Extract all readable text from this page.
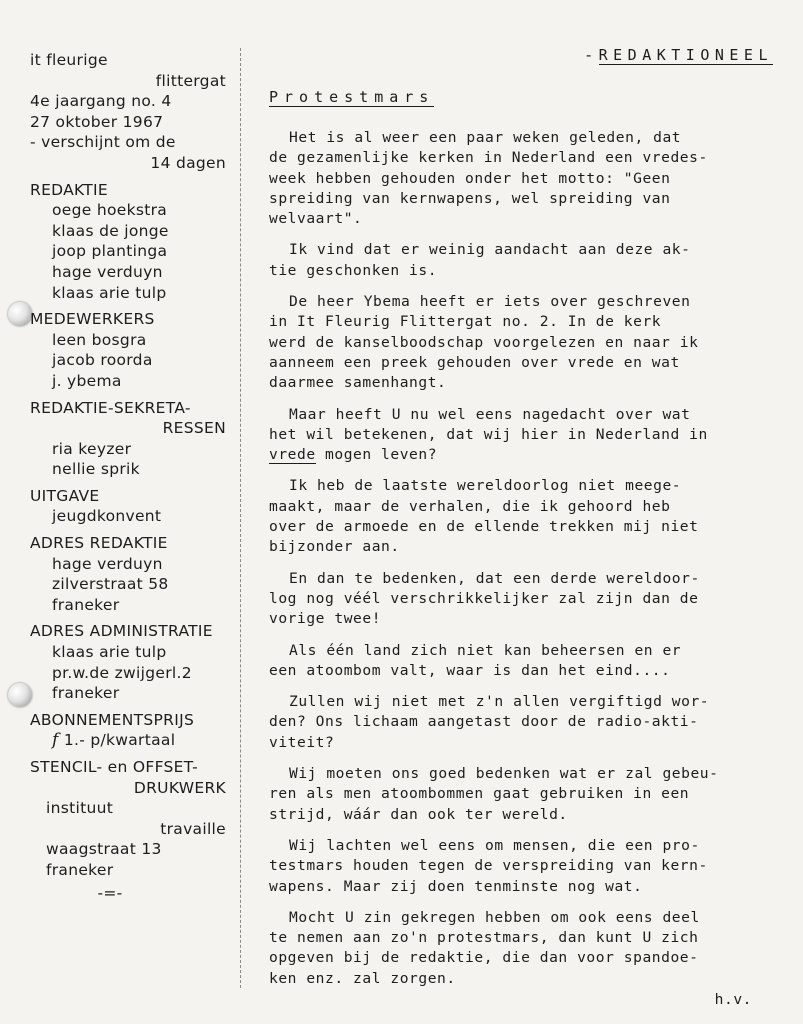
it fleurige
flittergat
4e jaargang no. 4
27 oktober 1967
- verschijnt om de
14 dagen
REDAKTIE
oege hoekstra
klaas de jonge
joop plantinga
hage verduyn
klaas arie tulp
MEDEWERKERS
leen bosgra
jacob roorda
j. ybema
REDAKTIE-SEKRETA-
RESSEN
ria keyzer
nellie sprik
UITGAVE
jeugdkonvent
ADRES REDAKTIE
hage verduyn
zilverstraat 58
franeker
ADRES ADMINISTRATIE
klaas arie tulp
pr.w.de zwijgerl.2
franeker
ABONNEMENTSPRIJS
f 1.- p/kwartaal
STENCIL- en OFFSET-
DRUKWERK
instituut
travaille
waagstraat 13
franeker
-=-
-REDAKTIONEEL
Protestmars
Het is al weer een paar weken geleden, dat
de gezamenlijke kerken in Nederland een vredes-
week hebben gehouden onder het motto: "Geen
spreiding van kernwapens, wel spreiding van
welvaart".
Ik vind dat er weinig aandacht aan deze ak-
tie geschonken is.
De heer Ybema heeft er iets over geschreven
in It Fleurig Flittergat no. 2. In de kerk
werd de kanselboodschap voorgelezen en naar ik
aanneem een preek gehouden over vrede en wat
daarmee samenhangt.
Maar heeft U nu wel eens nagedacht over wat
het wil betekenen, dat wij hier in Nederland in
vrede mogen leven?
Ik heb de laatste wereldoorlog niet meege-
maakt, maar de verhalen, die ik gehoord heb
over de armoede en de ellende trekken mij niet
bijzonder aan.
En dan te bedenken, dat een derde wereldoor-
log nog véél verschrikkelijker zal zijn dan de
vorige twee!
Als één land zich niet kan beheersen en er
een atoombom valt, waar is dan het eind....
Zullen wij niet met z'n allen vergiftigd wor-
den? Ons lichaam aangetast door de radio-akti-
viteit?
Wij moeten ons goed bedenken wat er zal gebeu-
ren als men atoombommen gaat gebruiken in een
strijd, wáár dan ook ter wereld.
Wij lachten wel eens om mensen, die een pro-
testmars houden tegen de verspreiding van kern-
wapens. Maar zij doen tenminste nog wat.
Mocht U zin gekregen hebben om ook eens deel
te nemen aan zo'n protestmars, dan kunt U zich
opgeven bij de redaktie, die dan voor spandoe-
ken enz. zal zorgen.
h.v.
